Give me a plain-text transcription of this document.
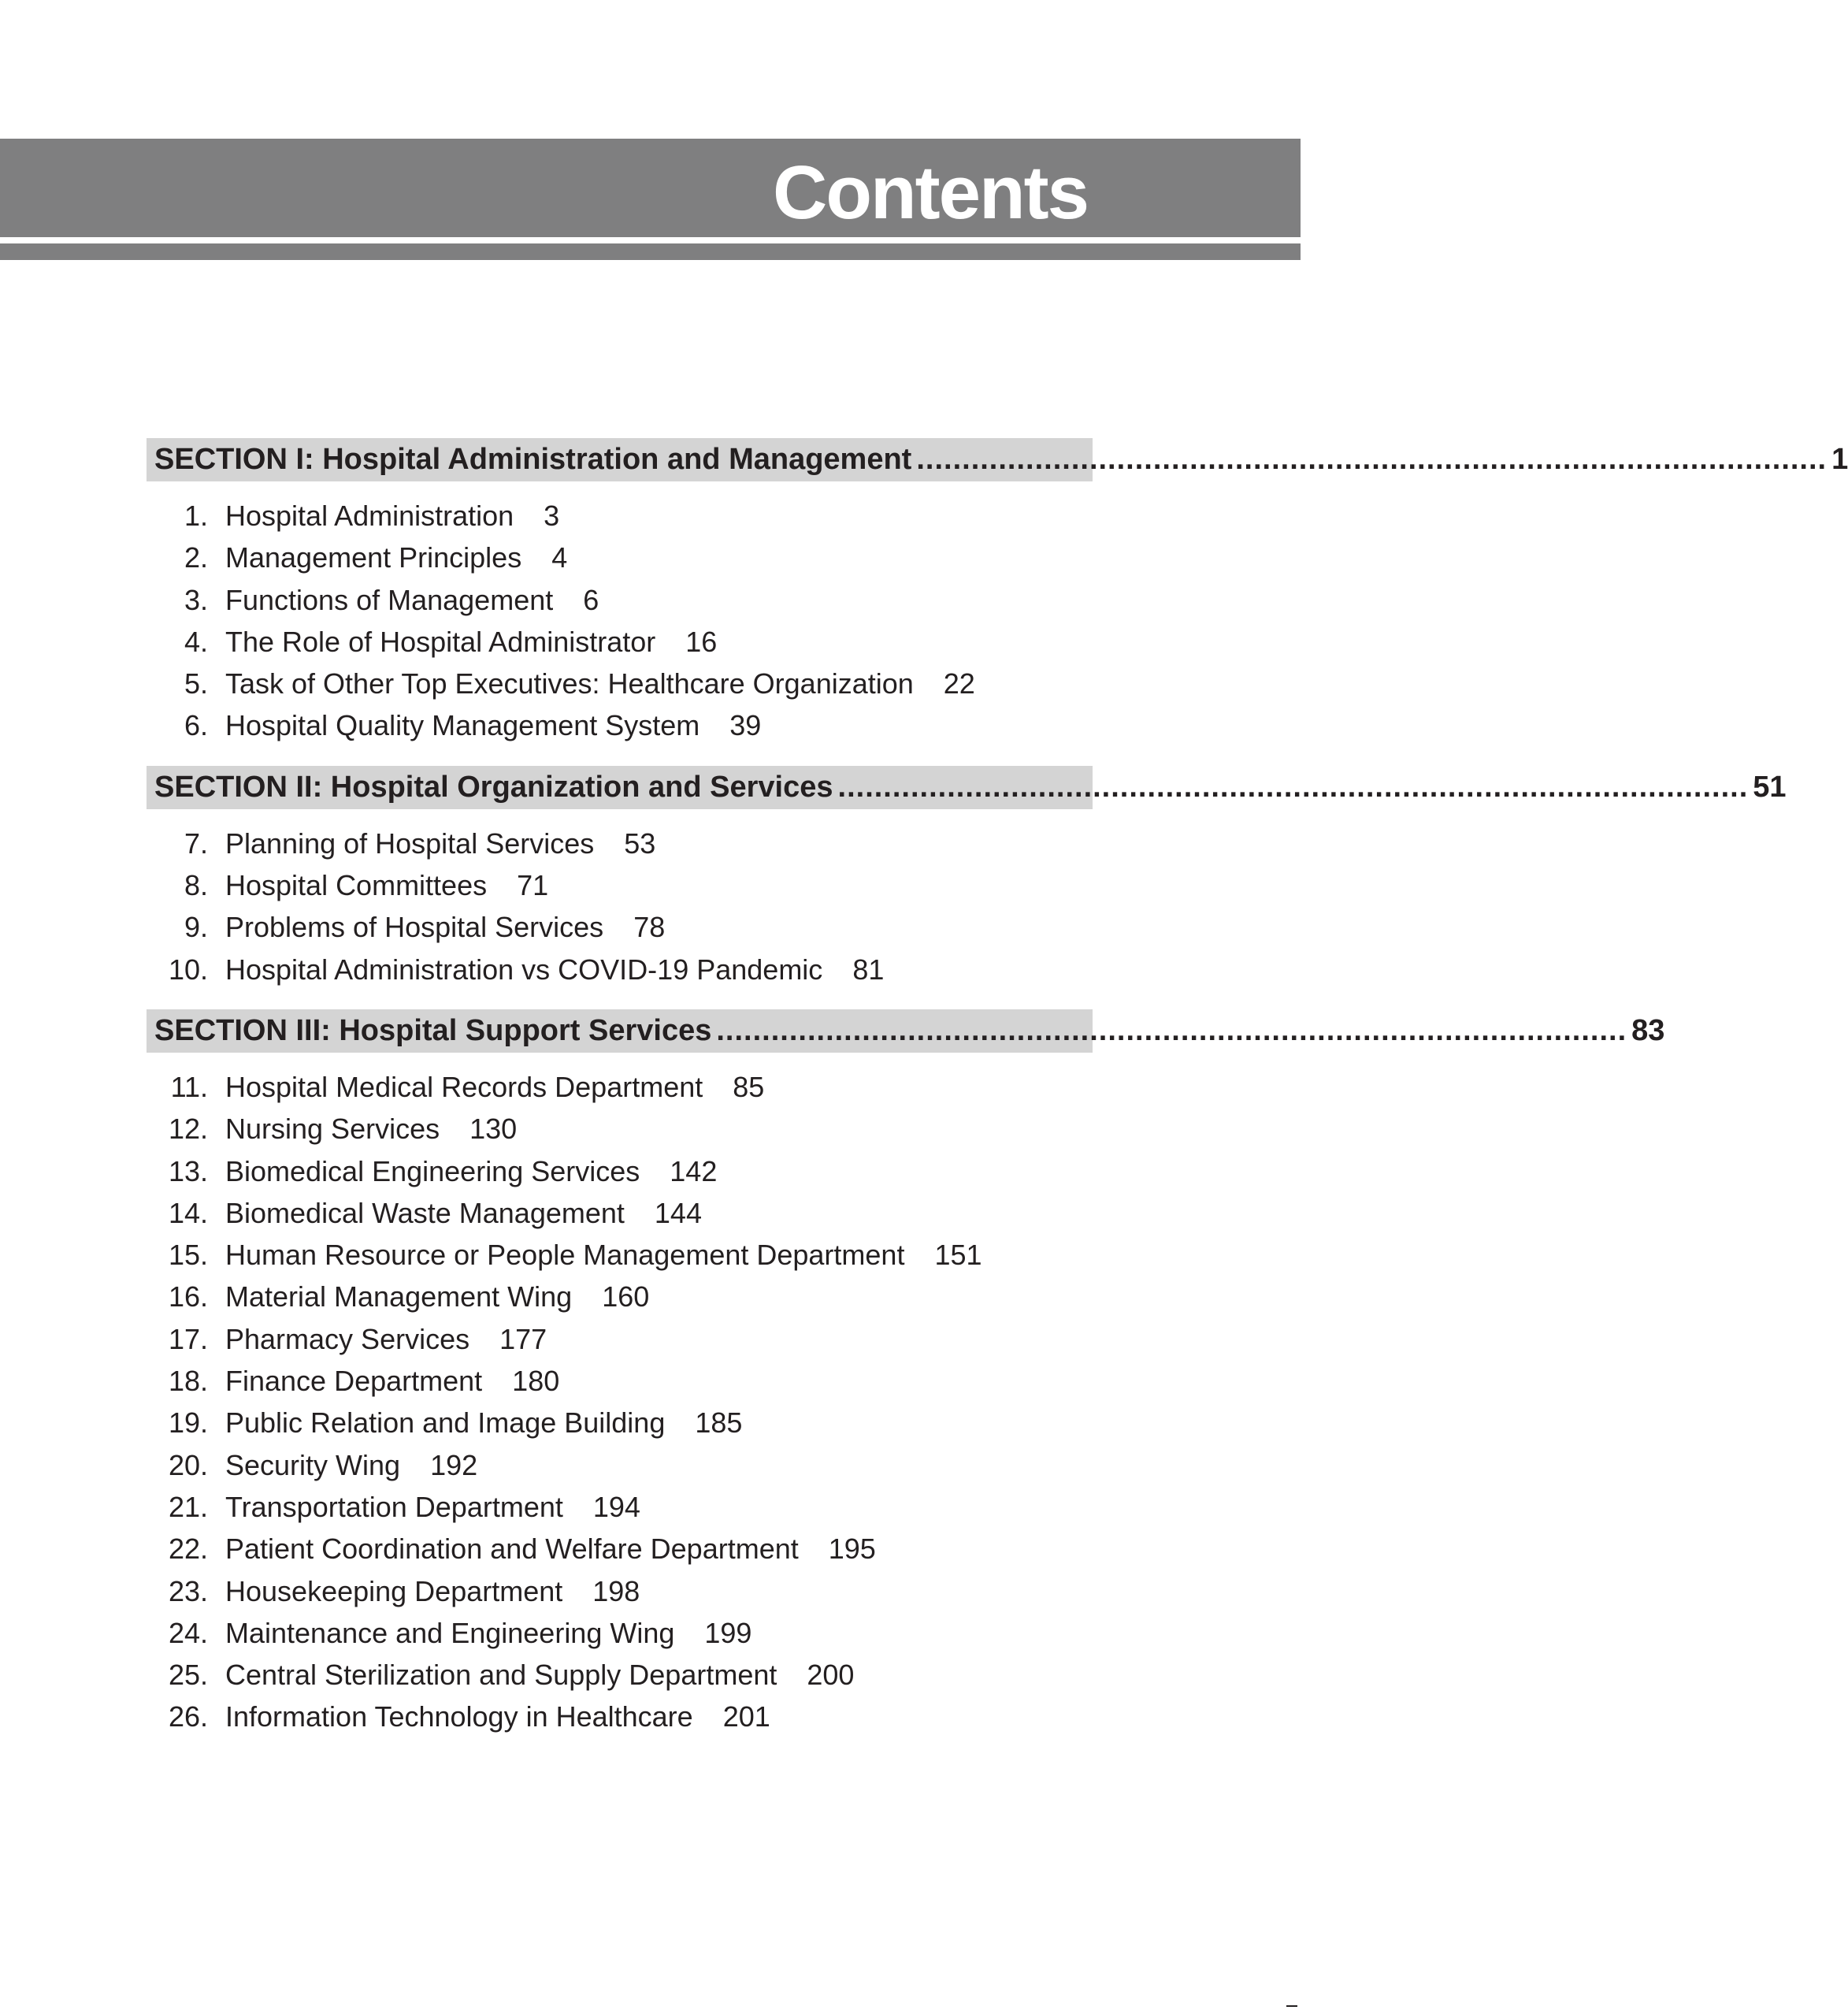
Contents
SECTION I: Hospital Administration and Management .................................................................................................... 1
1. Hospital Administration 3
2. Management Principles 4
3. Functions of Management 6
4. The Role of Hospital Administrator 16
5. Task of Other Top Executives: Healthcare Organization 22
6. Hospital Quality Management System 39
SECTION II: Hospital Organization and Services .................................................................................................... 51
7. Planning of Hospital Services 53
8. Hospital Committees 71
9. Problems of Hospital Services 78
10. Hospital Administration vs COVID-19 Pandemic 81
SECTION III: Hospital Support Services .................................................................................................... 83
11. Hospital Medical Records Department 85
12. Nursing Services 130
13. Biomedical Engineering Services 142
14. Biomedical Waste Management 144
15. Human Resource or People Management Department 151
16. Material Management Wing 160
17. Pharmacy Services 177
18. Finance Department 180
19. Public Relation and Image Building 185
20. Security Wing 192
21. Transportation Department 194
22. Patient Coordination and Welfare Department 195
23. Housekeeping Department 198
24. Maintenance and Engineering Wing 199
25. Central Sterilization and Supply Department 200
26. Information Technology in Healthcare 201
